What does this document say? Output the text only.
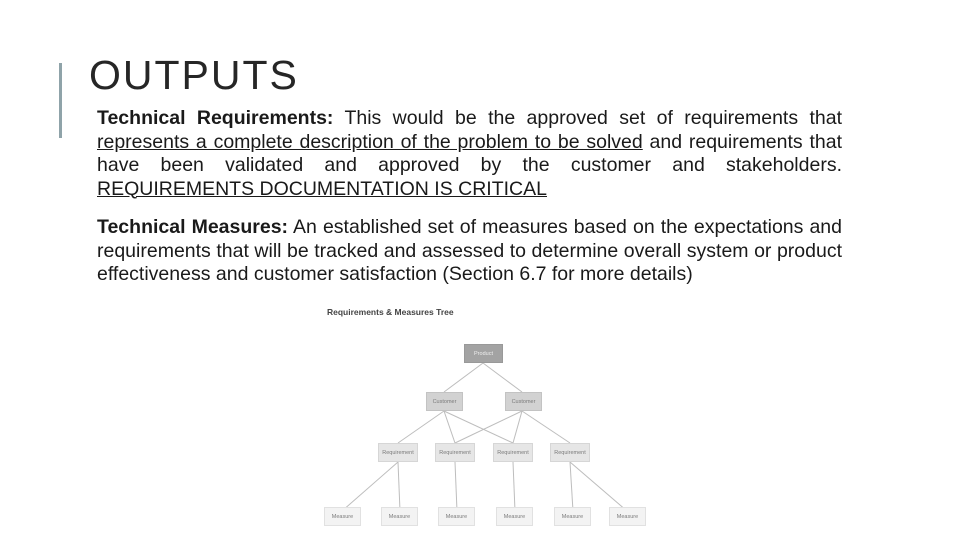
OUTPUTS

Technical Requirements: This would be the approved set of requirements that represents a complete description of the problem to be solved and requirements that have been validated and approved by the customer and stakeholders. REQUIREMENTS DOCUMENTATION IS CRITICAL

Technical Measures: An established set of measures based on the expectations and requirements that will be tracked and assessed to determine overall system or product effectiveness and customer satisfaction (Section 6.7 for more details)

Requirements & Measures Tree
Product
Customer	Customer
Requirement	Requirement	Requirement	Requirement
Measure	Measure	Measure	Measure	Measure	Measure
